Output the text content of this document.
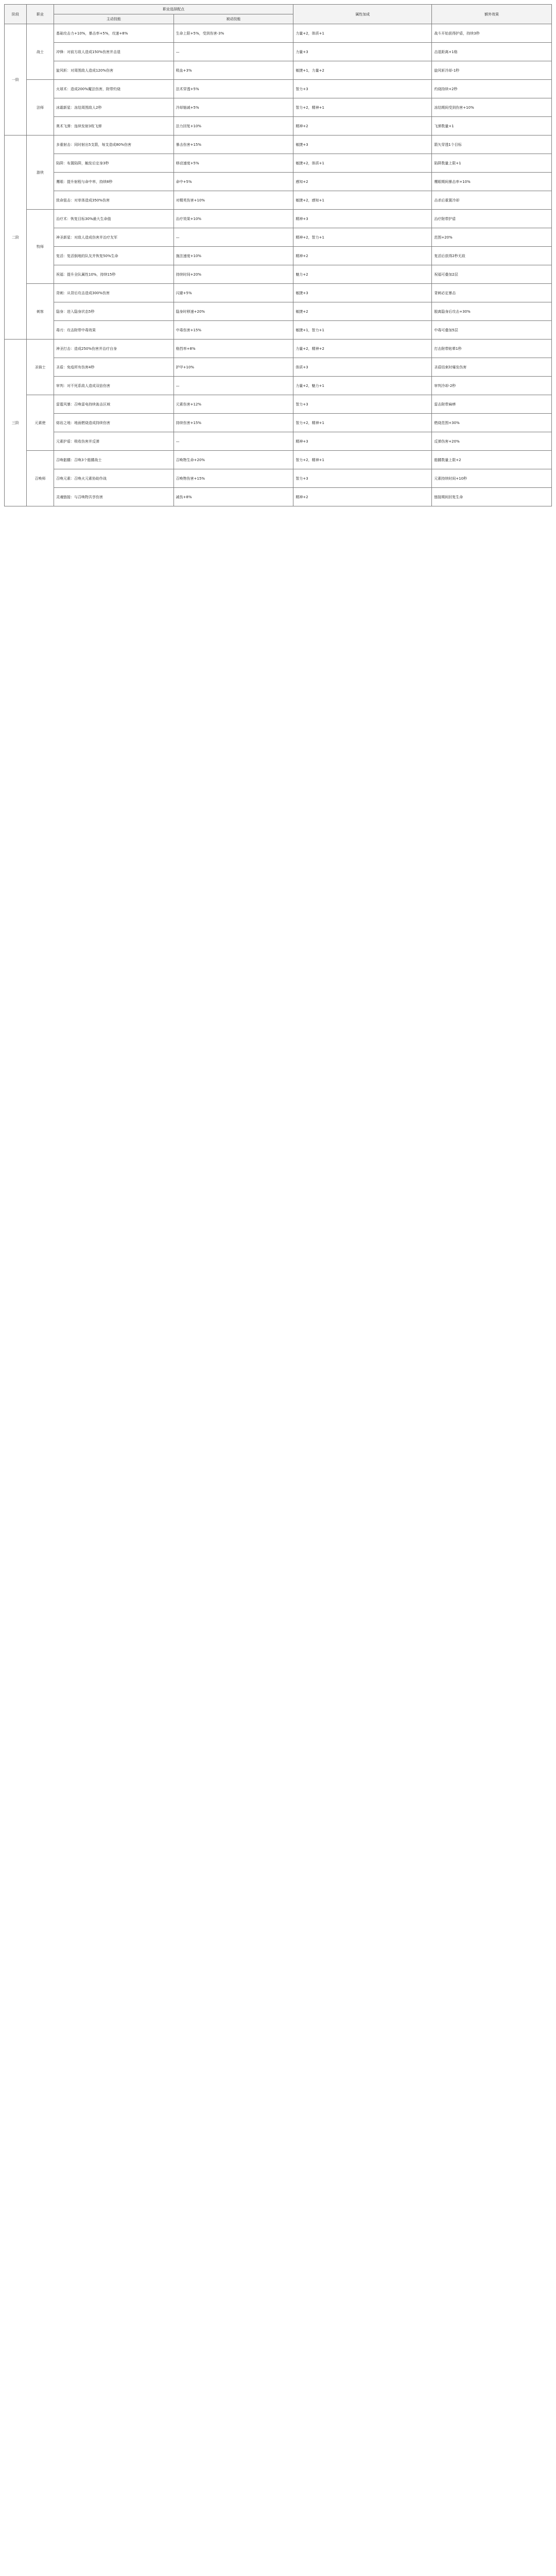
阶段	职业	职业选择配点		属性加成	额外效果
		主动技能	被动技能		
一阶	战士	基础攻击力+10%，暴击率+5%，攻速+8%	生命上限+5%，受到伤害-3%	力量+2，体质+1	战斗开始获得护盾，持续3秒
		冲锋：对前方敌人造成150%伤害并击退	—	力量+3	击退距离+1格
		旋风斩：对周围敌人造成120%伤害	吸血+3%	敏捷+1，力量+2	旋风斩冷却-1秒
	法师	火球术：造成200%魔法伤害，附带灼烧	法术穿透+5%	智力+3	灼烧持续+2秒
		冰霜新星：冻结周围敌人2秒	冷却缩减+5%	智力+2，精神+1	冻结期间受到伤害+10%
		奥术飞弹：连续发射3枚飞弹	法力回复+10%	精神+2	飞弹数量+1
二阶	游侠	多重射击：同时射出5支箭，每支造成80%伤害	暴击伤害+15%	敏捷+3	箭矢穿透1个目标
		陷阱：布置陷阱，触发后定身3秒	移动速度+5%	敏捷+2，体质+1	陷阱数量上限+1
		鹰眼：提升射程与命中率，持续8秒	命中+5%	感知+2	鹰眼期间暴击率+10%
		致命狙击：对单体造成350%伤害	对精英伤害+10%	敏捷+2，感知+1	击杀后重置冷却
	牧师	治疗术：恢复目标30%最大生命值	治疗效果+10%	精神+3	治疗附带护盾
		神圣新星：对敌人造成伤害并治疗友军	—	精神+2，智力+1	范围+20%
		复活：复活倒地的队友并恢复50%生命	施法速度+10%	精神+2	复活后获得2秒无敌
		祝福：提升全队属性10%，持续15秒	持续时间+20%	魅力+2	祝福可叠加2层
	刺客	背刺：从背后攻击造成300%伤害	闪避+5%	敏捷+3	背刺必定暴击
		隐身：进入隐身状态5秒	隐身时移速+20%	敏捷+2	脱离隐身后攻击+30%
		毒刃：攻击附带中毒效果	中毒伤害+15%	敏捷+1，智力+1	中毒可叠加5层
三阶	圣骑士	神圣打击：造成250%伤害并治疗自身	格挡率+8%	力量+2，精神+2	打击附带眩晕1秒
		圣盾：免疫所有伤害4秒	护甲+10%	体质+3	圣盾结束时爆发伤害
		审判：对不死系敌人造成双倍伤害	—	力量+2，魅力+1	审判冷却-2秒
	元素使	雷霆风暴：召唤雷电持续轰击区域	元素伤害+12%	智力+3	雷击附带麻痹
		熔岩之地：地面燃烧造成持续伤害	持续伤害+15%	智力+2，精神+1	燃烧范围+30%
		元素护盾：吸收伤害并反弹	—	精神+3	反弹伤害+20%
	召唤师	召唤骷髅：召唤3个骷髅战士	召唤物生命+20%	智力+2，精神+1	骷髅数量上限+2
		召唤元素：召唤火元素协助作战	召唤物伤害+15%	智力+3	元素持续时间+10秒
		灵魂链接：与召唤物共享伤害	减伤+8%	精神+2	链接期间回复生命
